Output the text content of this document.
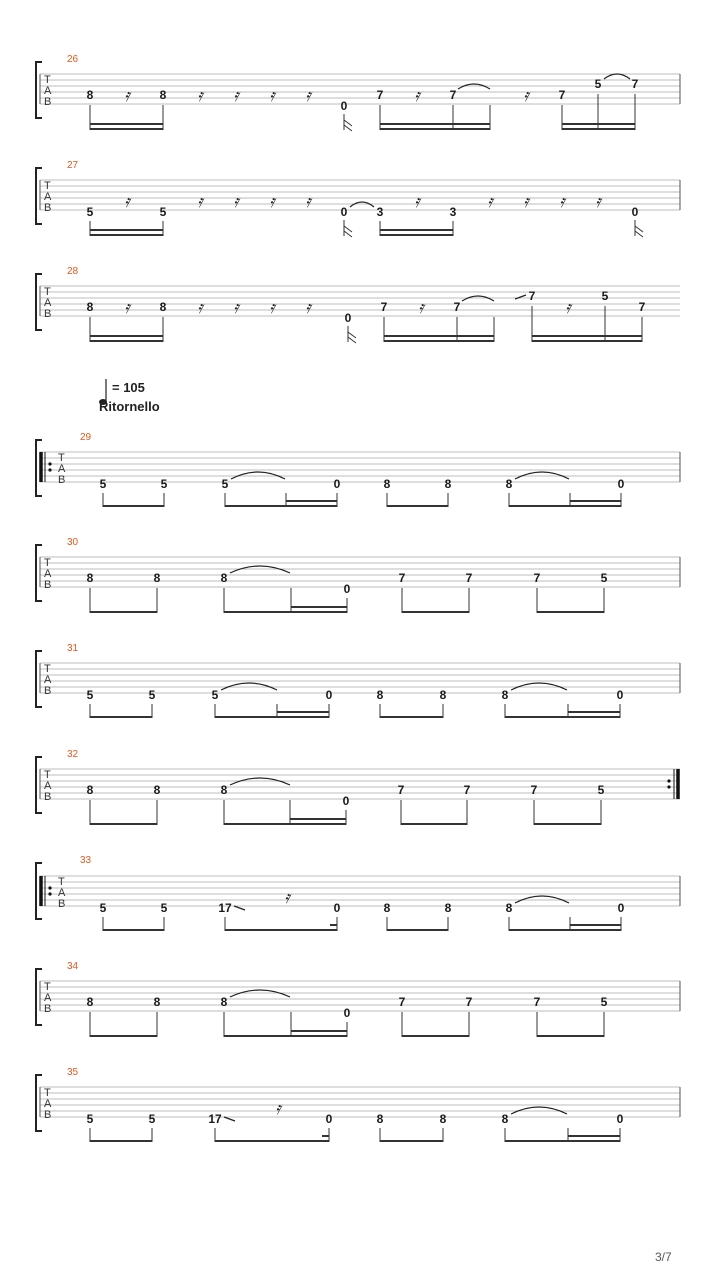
T
A
B
26
8	8
0
7	7	7
5	7
𝄿	𝄿 𝄿 𝄿 𝄿	𝄿	𝄿
T
A
B
27
5	5	0 3	3	0
𝄿	𝄿 𝄿 𝄿 𝄿	𝄿	𝄿 𝄿 𝄿 𝄿
T
A
B
28
8	8
0
7	7
7	5
7
𝄿	𝄿 𝄿 𝄿 𝄿	𝄿	𝄿
= 105
Ritornello
T
A
B
29
5	5	5	0	8	8	8	0
T
A
B
30
8	8	8
0
7	7	7	5
T
A
B
31
5	5	5	0	8	8	8	0
T
A
B
32
8	8	8
0
7	7	7	5
T
A
B
33
5	5	17	0	8	8	8	0
𝄿
T
A
B
34
8	8	8
0
7	7	7	5
T
A
B
35
5	5	17	0	8	8	8	0
𝄿
3/7
